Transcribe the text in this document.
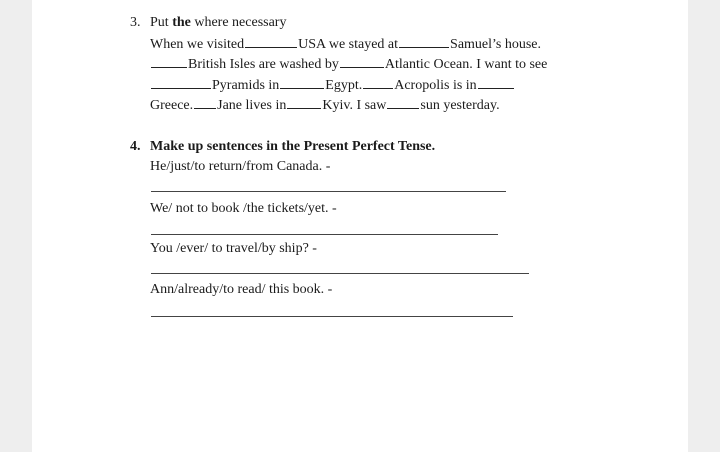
3. Put the where necessary
When we visited	USA we stayed at	Samuel’s house.
British Isles are washed by	Atlantic Ocean. I want to see
Pyramids in	Egypt. Acropolis is in
Greece. Jane lives in	Kyiv. I saw sun yesterday.
4. Make up sentences in the Present Perfect Tense.
He/just/to return/from Canada. -
We/ not to book /the tickets/yet. -
You /ever/ to travel/by ship? -
Ann/already/to read/ this book. -
